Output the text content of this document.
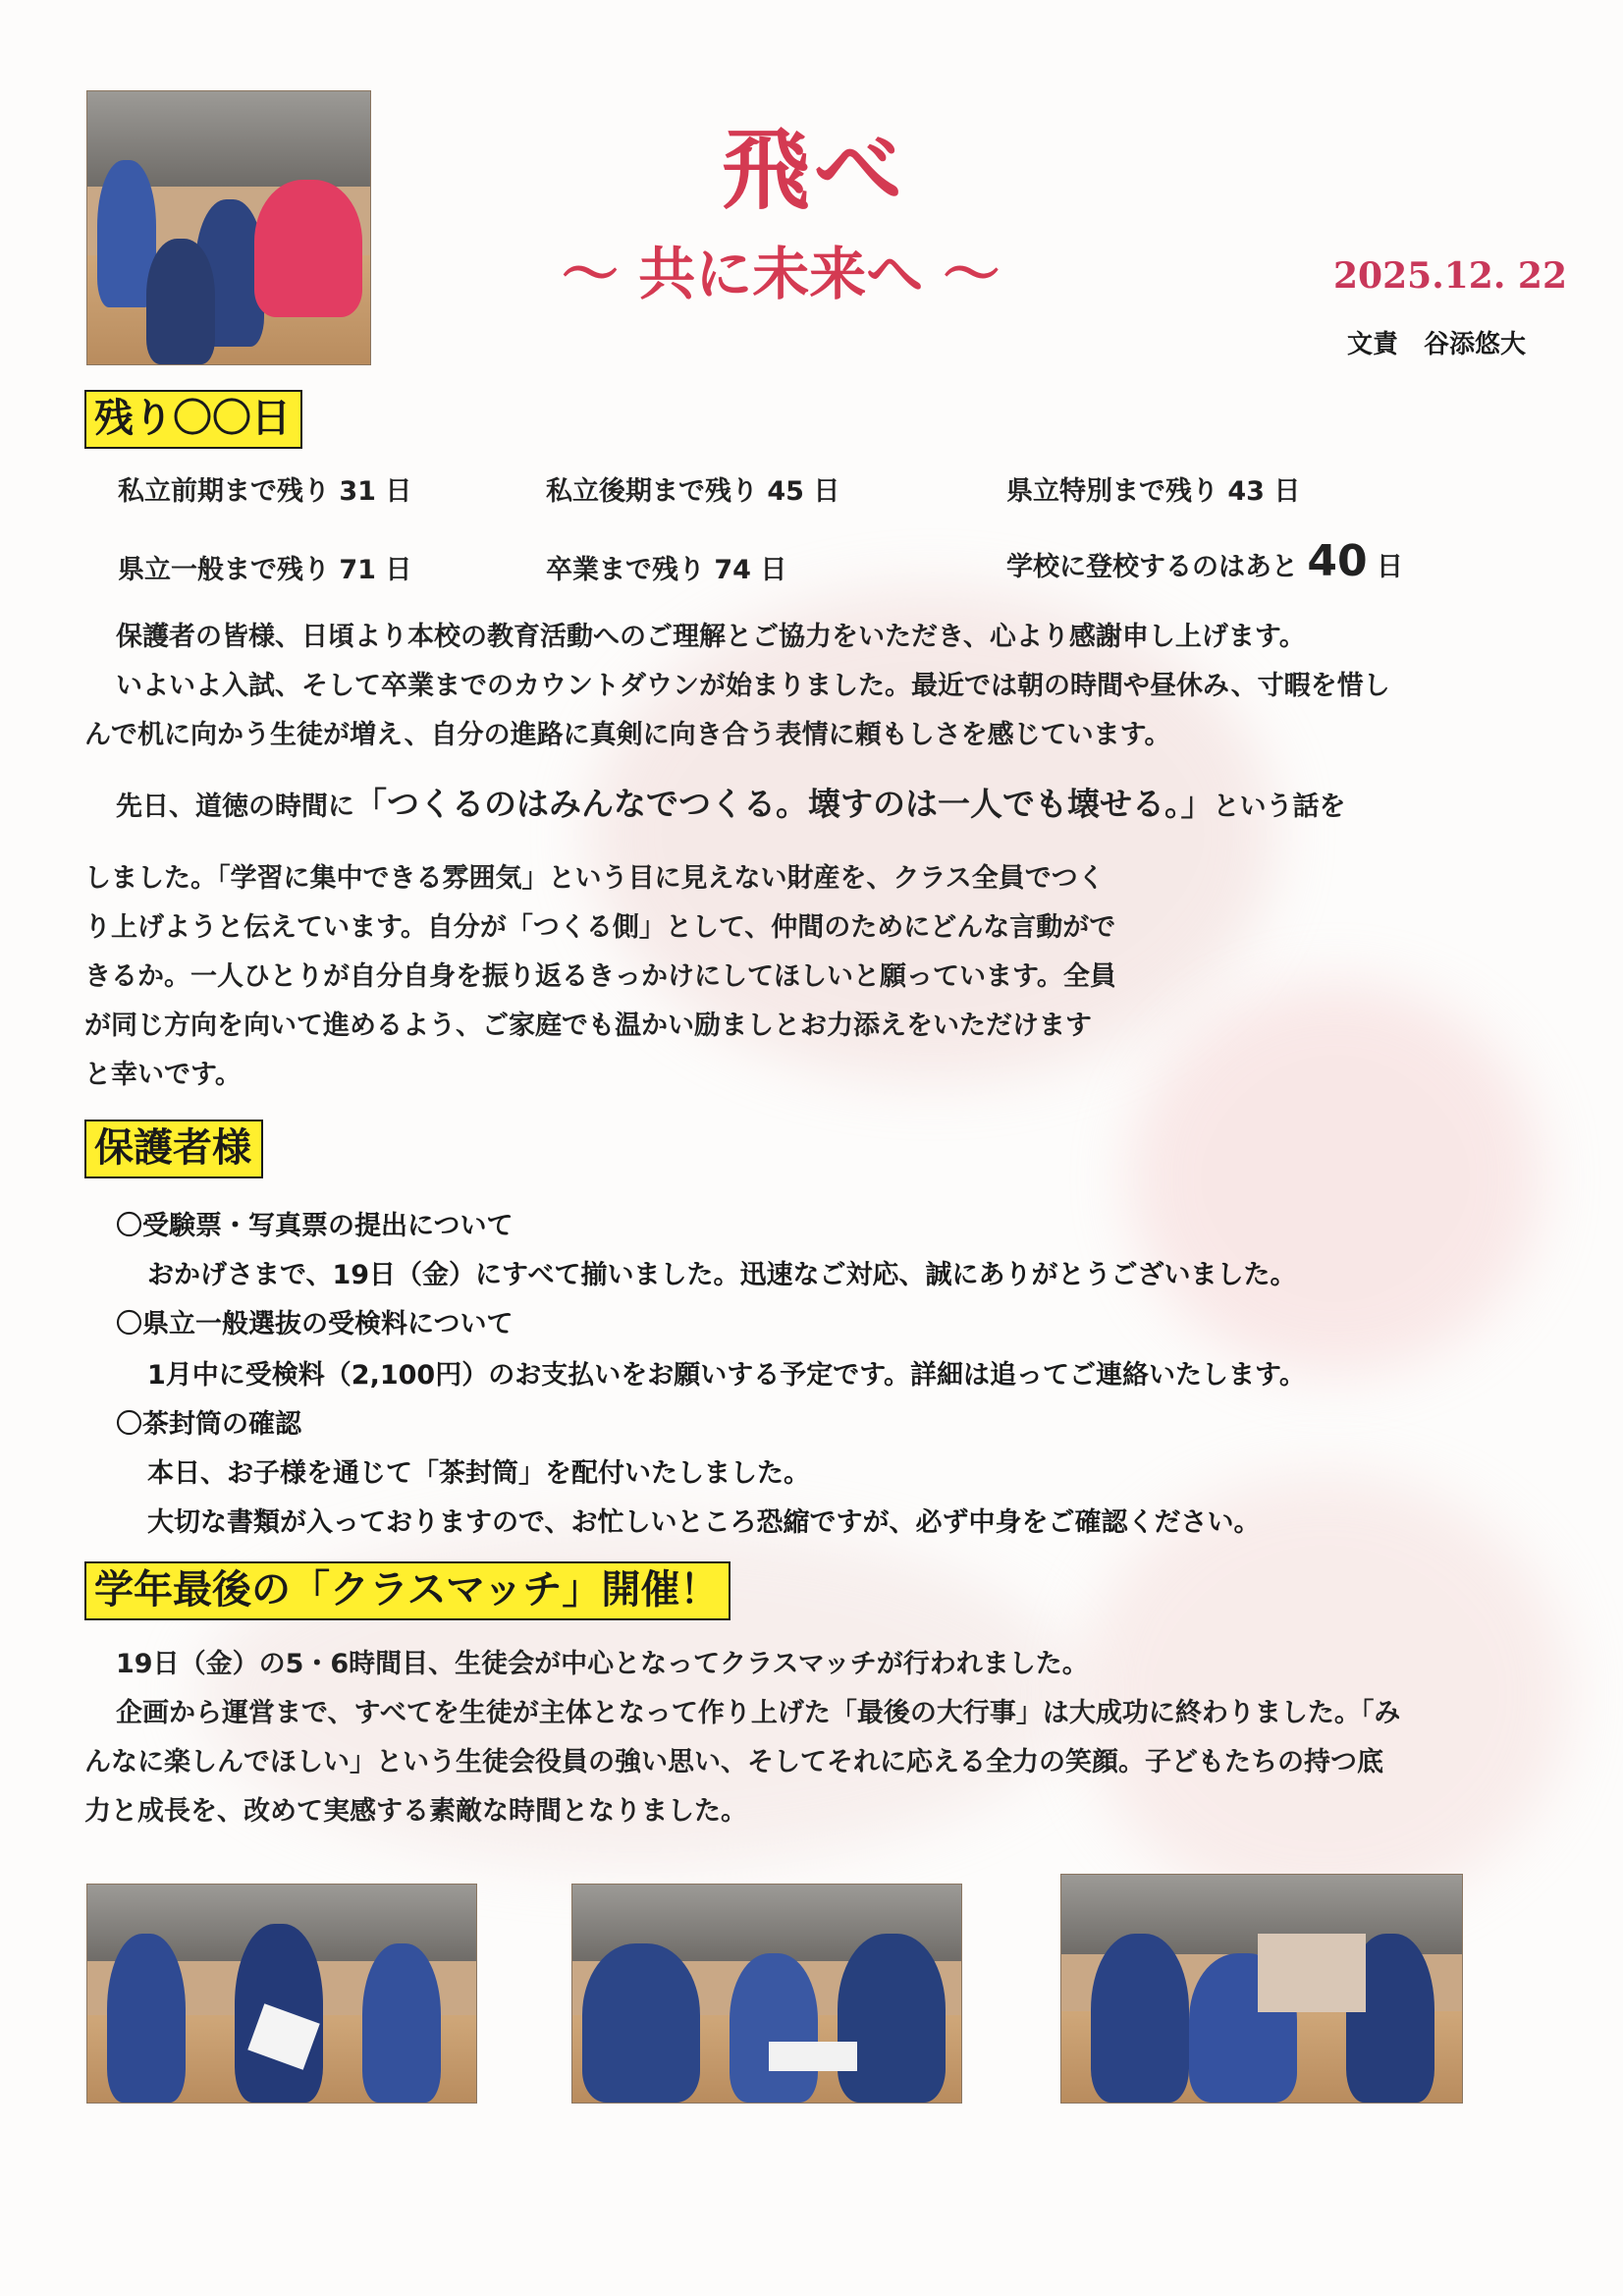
飛べ
～ 共に未来へ ～	2025.12. 22
文責　谷添悠大
残り〇〇日
私立前期まで残り 31 日	私立後期まで残り 45 日	県立特別まで残り 43 日
県立一般まで残り 71 日	卒業まで残り 74 日	学校に登校するのはあと 40 日
保護者の皆様、日頃より本校の教育活動へのご理解とご協力をいただき、心より感謝申し上げます。
いよいよ入試、そして卒業までのカウントダウンが始まりました。最近では朝の時間や昼休み、寸暇を惜し
んで机に向かう生徒が増え、自分の進路に真剣に向き合う表情に頼もしさを感じています。
先日、道徳の時間に「つくるのはみんなでつくる。壊すのは一人でも壊せる。」という話を
しました。「学習に集中できる雰囲気」という目に見えない財産を、クラス全員でつく
り上げようと伝えています。自分が「つくる側」として、仲間のためにどんな言動がで
きるか。一人ひとりが自分自身を振り返るきっかけにしてほしいと願っています。全員
が同じ方向を向いて進めるよう、ご家庭でも温かい励ましとお力添えをいただけます
と幸いです。
保護者様
〇受験票・写真票の提出について
おかげさまで、19日（金）にすべて揃いました。迅速なご対応、誠にありがとうございました。
〇県立一般選抜の受検料について
1月中に受検料（2,100円）のお支払いをお願いする予定です。詳細は追ってご連絡いたします。
〇茶封筒の確認
本日、お子様を通じて「茶封筒」を配付いたしました。
大切な書類が入っておりますので、お忙しいところ恐縮ですが、必ず中身をご確認ください。
学年最後の「クラスマッチ」開催！
19日（金）の5・6時間目、生徒会が中心となってクラスマッチが行われました。
企画から運営まで、すべてを生徒が主体となって作り上げた「最後の大行事」は大成功に終わりました。「み
んなに楽しんでほしい」という生徒会役員の強い思い、そしてそれに応える全力の笑顔。子どもたちの持つ底
力と成長を、改めて実感する素敵な時間となりました。
